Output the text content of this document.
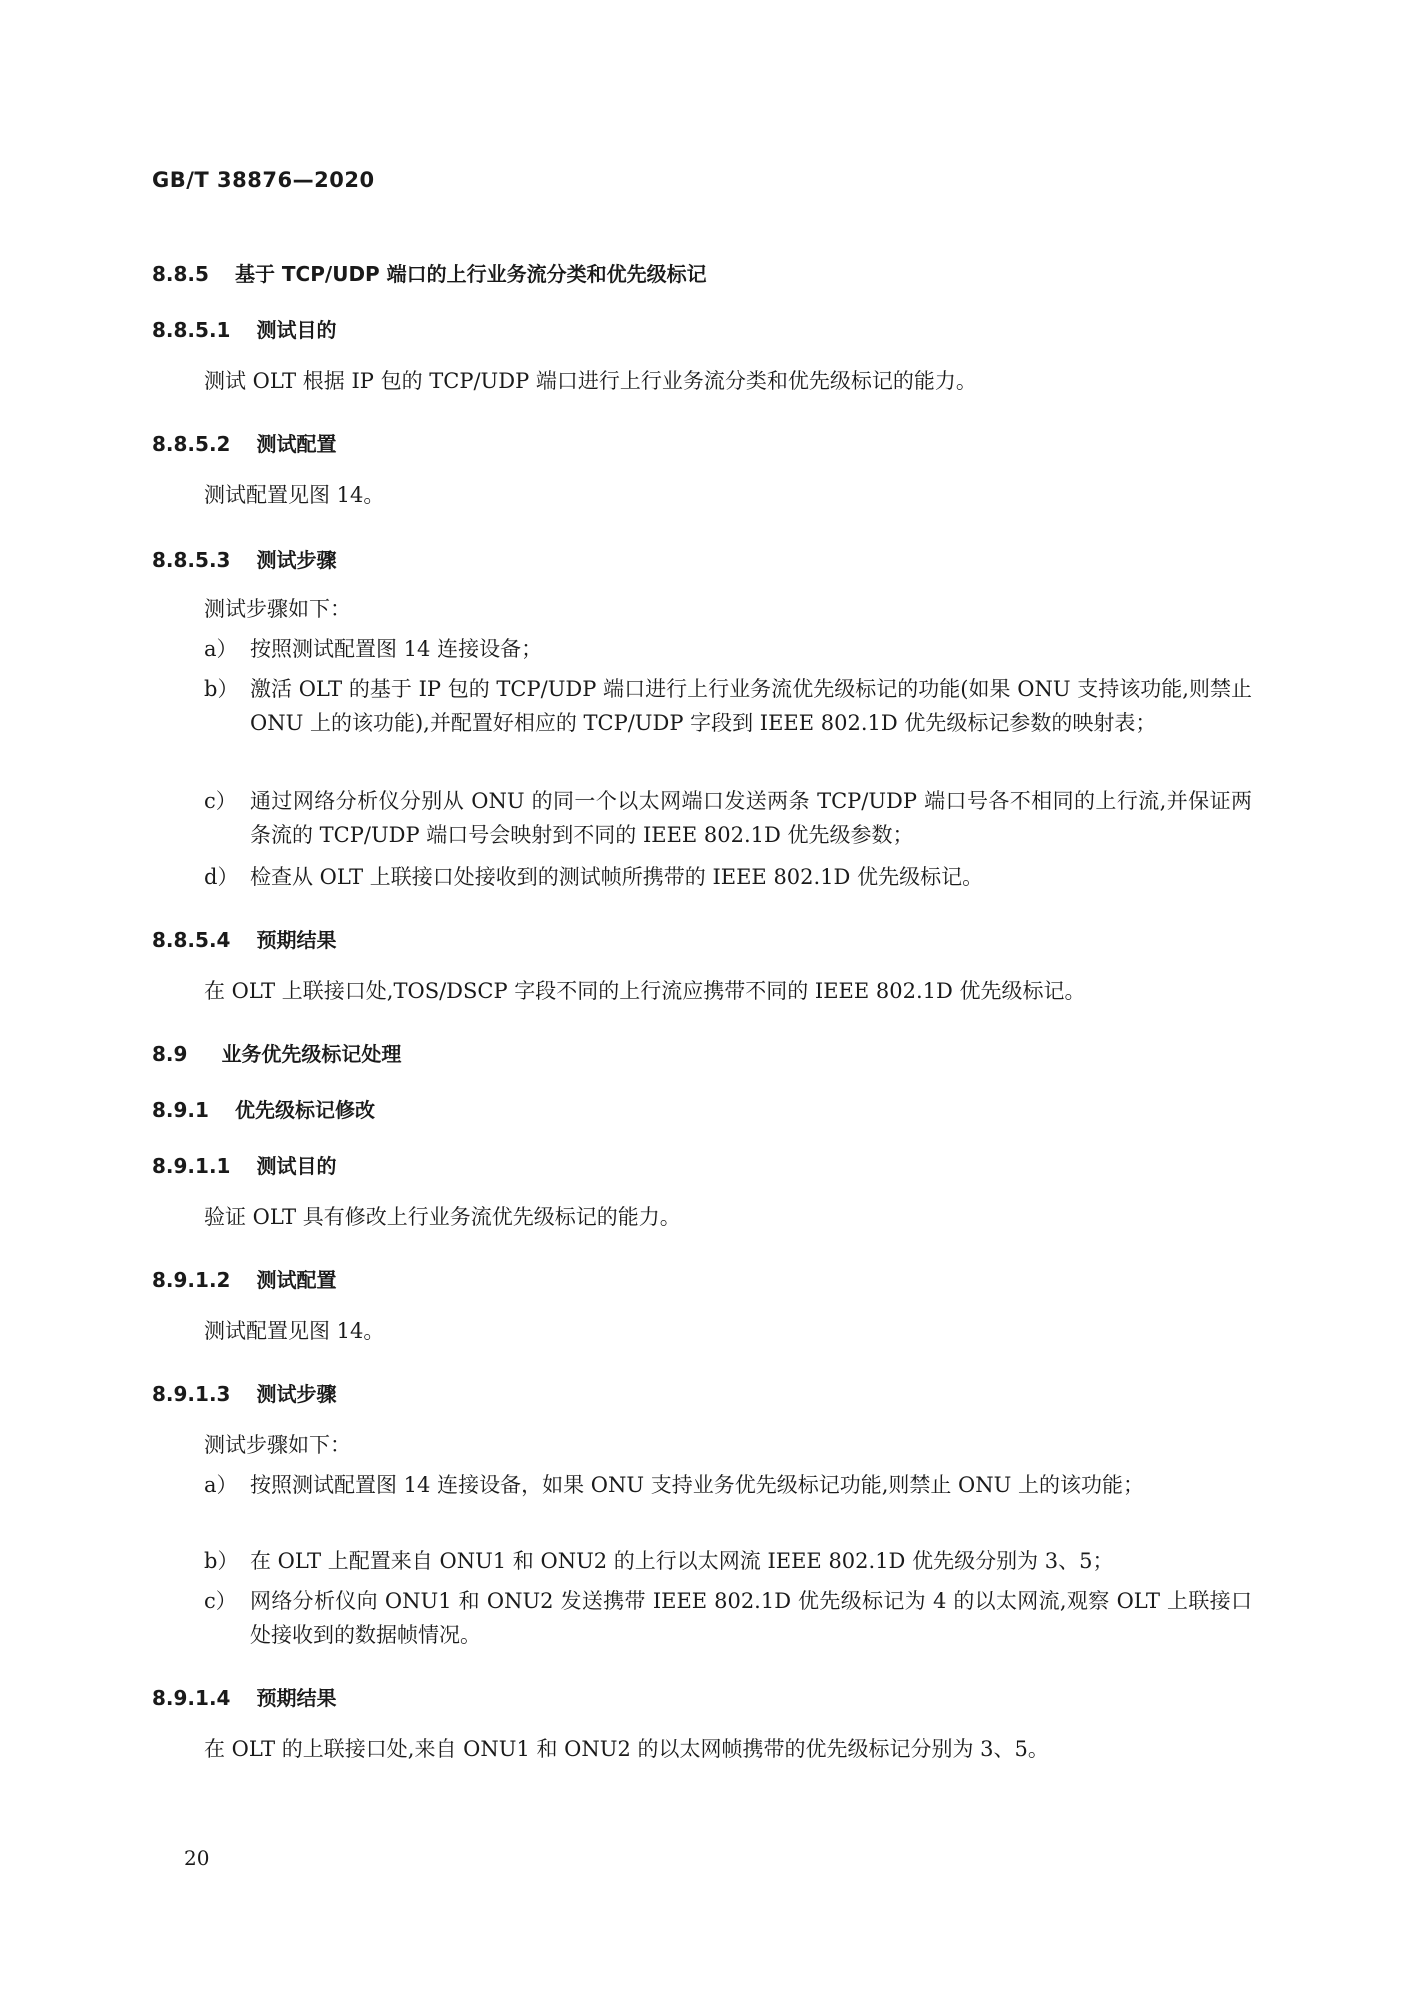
GB/T 38876—2020
8.8.5 基于 TCP/UDP 端口的上行业务流分类和优先级标记
8.8.5.1 测试目的
测试 OLT 根据 IP 包的 TCP/UDP 端口进行上行业务流分类和优先级标记的能力。
8.8.5.2 测试配置
测试配置见图 14。
8.8.5.3 测试步骤
测试步骤如下：
a） 按照测试配置图 14 连接设备；
b） 激活 OLT 的基于 IP 包的 TCP/UDP 端口进行上行业务流优先级标记的功能(如果 ONU 支持该功能,则禁止 ONU 上的该功能),并配置好相应的 TCP/UDP 字段到 IEEE 802.1D 优先级标记参数的映射表；
c） 通过网络分析仪分别从 ONU 的同一个以太网端口发送两条 TCP/UDP 端口号各不相同的上行流,并保证两条流的 TCP/UDP 端口号会映射到不同的 IEEE 802.1D 优先级参数；
d） 检查从 OLT 上联接口处接收到的测试帧所携带的 IEEE 802.1D 优先级标记。
8.8.5.4 预期结果
在 OLT 上联接口处,TOS/DSCP 字段不同的上行流应携带不同的 IEEE 802.1D 优先级标记。
8.9 业务优先级标记处理
8.9.1 优先级标记修改
8.9.1.1 测试目的
验证 OLT 具有修改上行业务流优先级标记的能力。
8.9.1.2 测试配置
测试配置见图 14。
8.9.1.3 测试步骤
测试步骤如下：
a） 按照测试配置图 14 连接设备，如果 ONU 支持业务优先级标记功能,则禁止 ONU 上的该功能；
b） 在 OLT 上配置来自 ONU1 和 ONU2 的上行以太网流 IEEE 802.1D 优先级分别为 3、5；
c） 网络分析仪向 ONU1 和 ONU2 发送携带 IEEE 802.1D 优先级标记为 4 的以太网流,观察 OLT 上联接口处接收到的数据帧情况。
8.9.1.4 预期结果
在 OLT 的上联接口处,来自 ONU1 和 ONU2 的以太网帧携带的优先级标记分别为 3、5。
20
